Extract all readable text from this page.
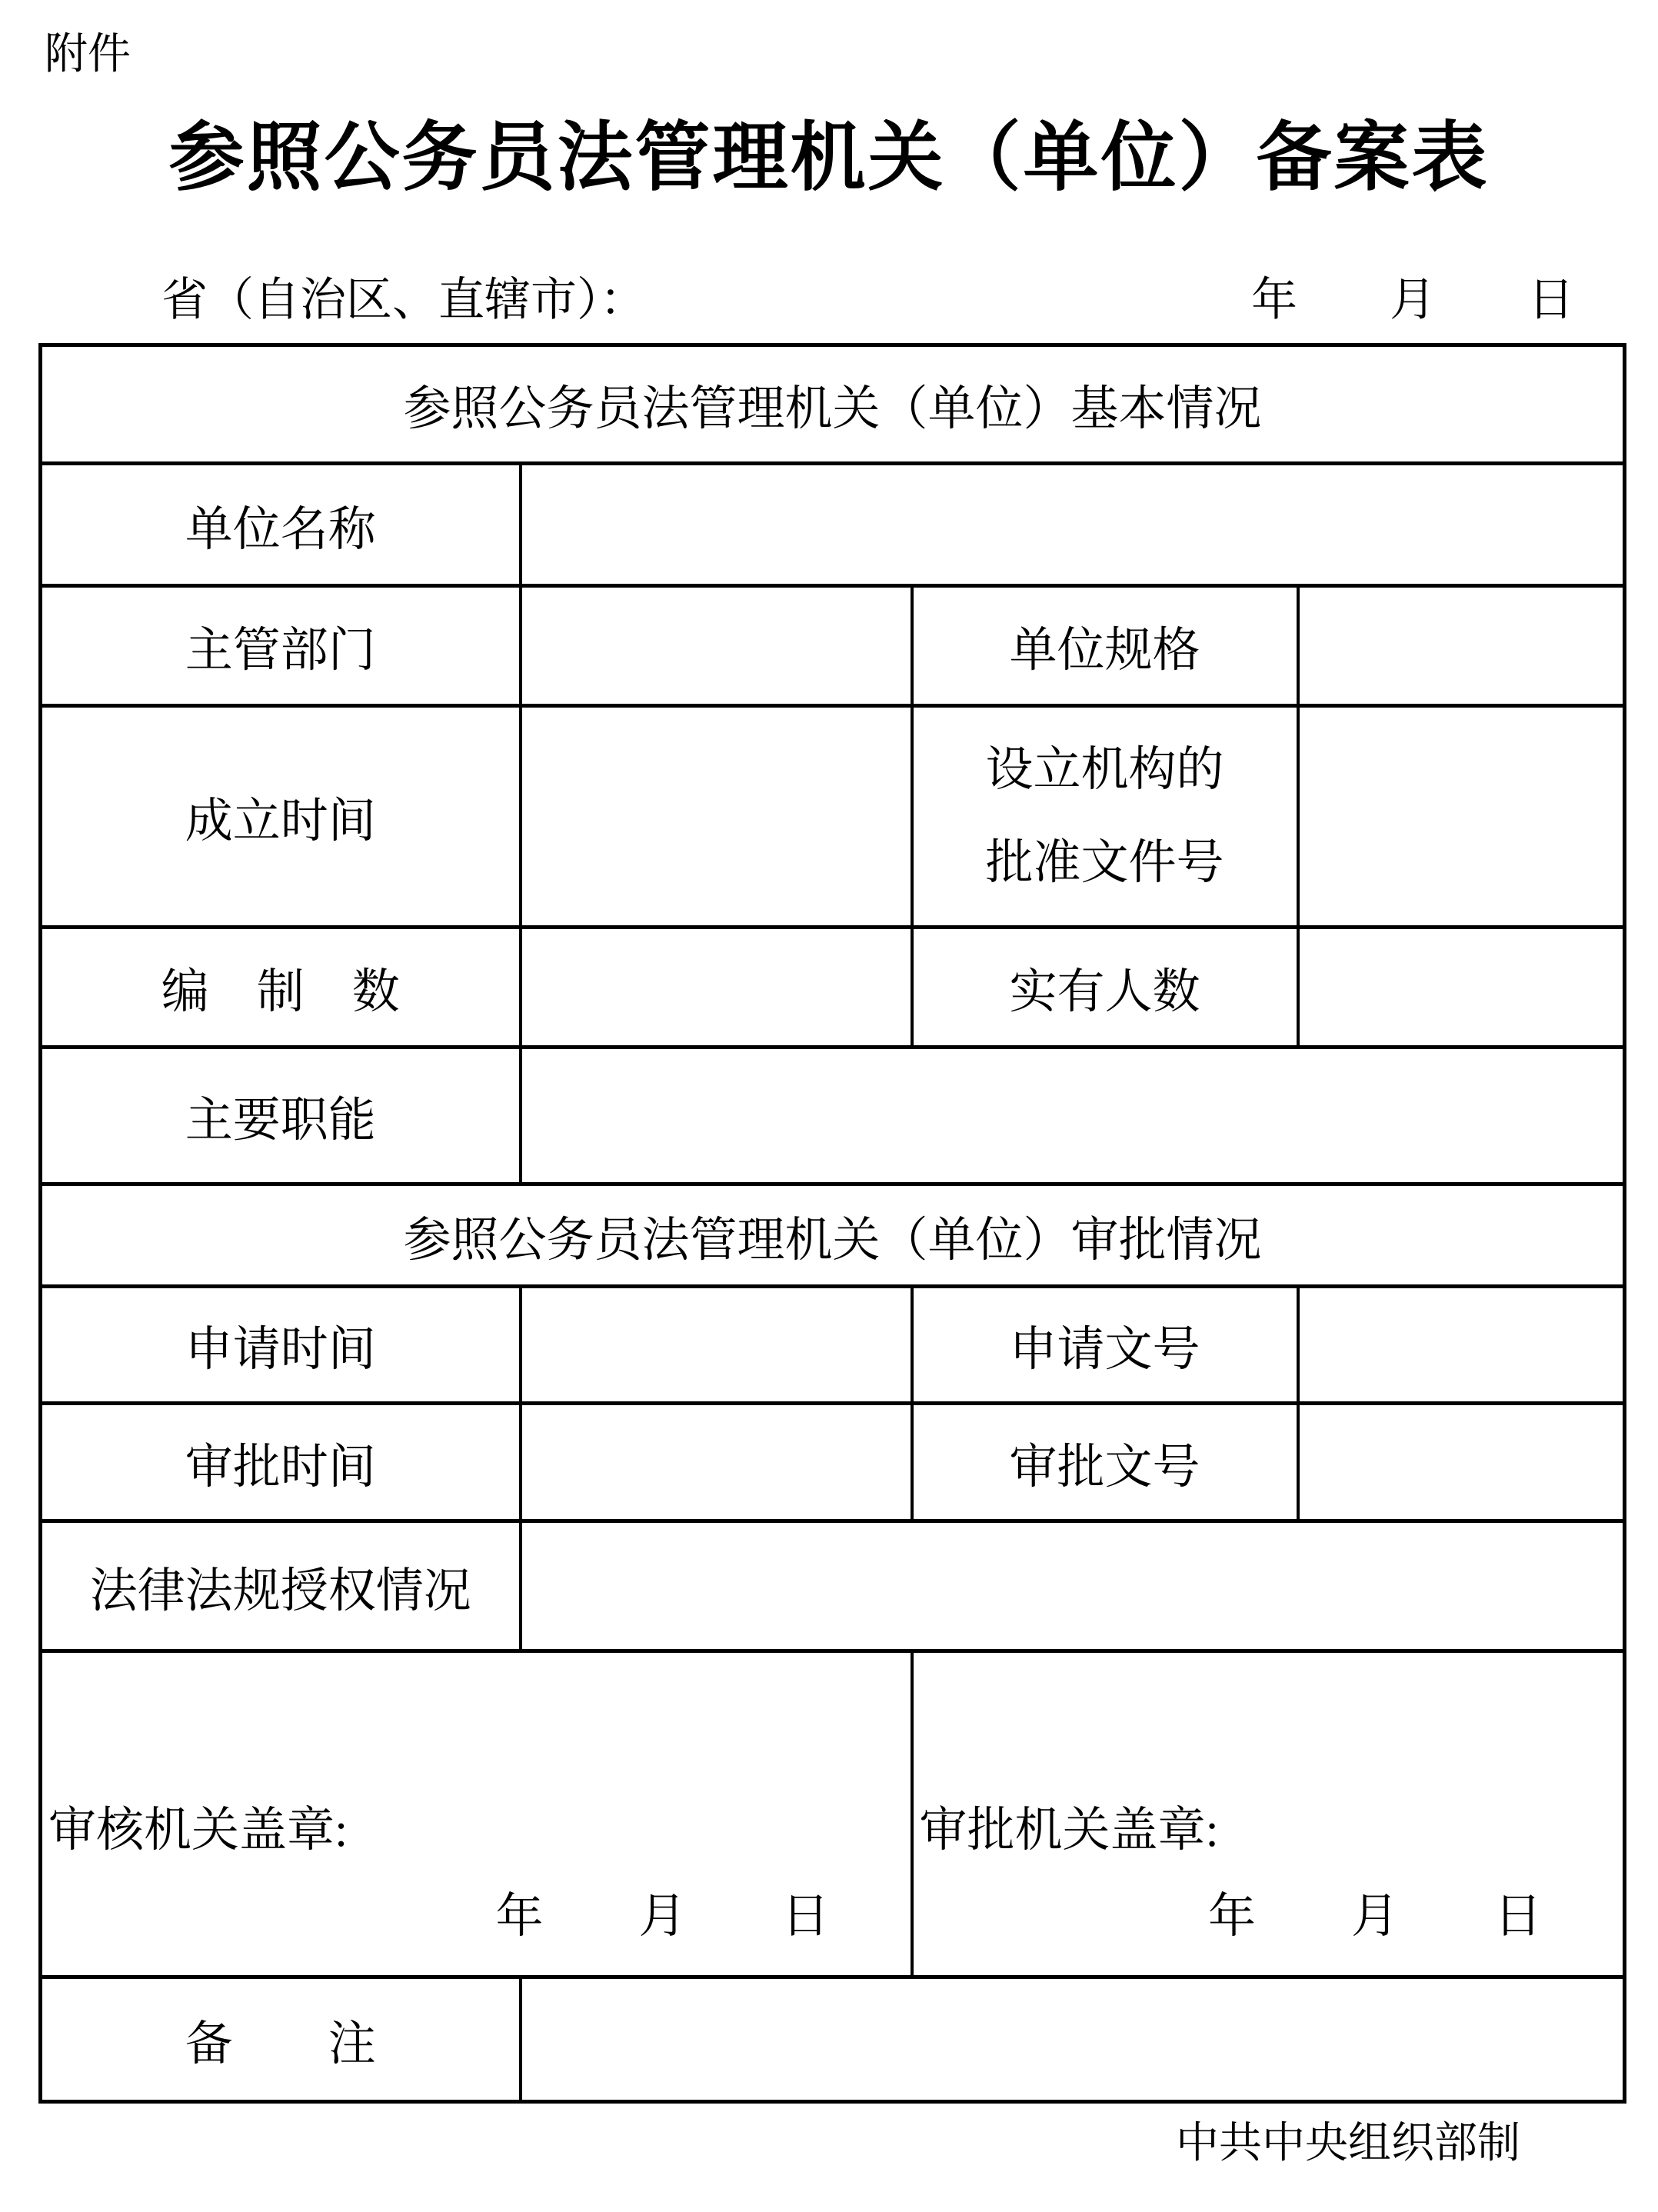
附件
参照公务员法管理机关（单位）备案表
省（自治区、直辖市）：	年　　月　　日
参照公务员法管理机关（单位）基本情况			
单位名称			
主管部门		单位规格	
成立时间		设立机构的
批准文件号	
编　制　数		实有人数	
主要职能			
参照公务员法管理机关（单位）审批情况			
申请时间		申请文号	
审批时间		审批文号	
法律法规授权情况			

审核机关盖章:
年　　月　　日

审批机关盖章:
年　　月　　日

备　　注			
中共中央组织部制
